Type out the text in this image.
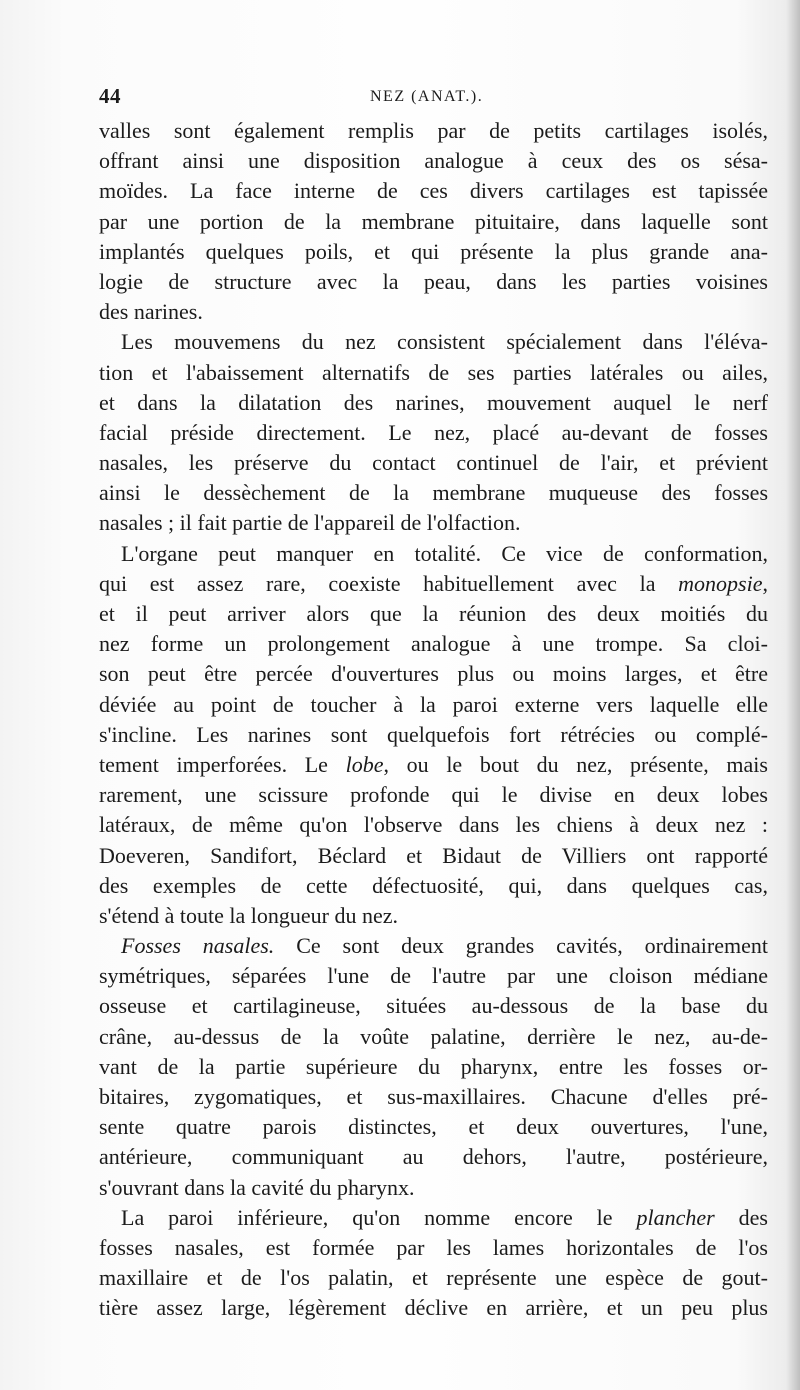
44	NEZ (ANAT.).
valles sont également remplis par de petits cartilages isolés,
offrant ainsi une disposition analogue à ceux des os sésa-
moïdes. La face interne de ces divers cartilages est tapissée
par une portion de la membrane pituitaire, dans laquelle sont
implantés quelques poils, et qui présente la plus grande ana-
logie de structure avec la peau, dans les parties voisines
des narines.
Les mouvemens du nez consistent spécialement dans l'éléva-
tion et l'abaissement alternatifs de ses parties latérales ou ailes,
et dans la dilatation des narines, mouvement auquel le nerf
facial préside directement. Le nez, placé au-devant de fosses
nasales, les préserve du contact continuel de l'air, et prévient
ainsi le dessèchement de la membrane muqueuse des fosses
nasales ; il fait partie de l'appareil de l'olfaction.
L'organe peut manquer en totalité. Ce vice de conformation,
qui est assez rare, coexiste habituellement avec la monopsie,
et il peut arriver alors que la réunion des deux moitiés du
nez forme un prolongement analogue à une trompe. Sa cloi-
son peut être percée d'ouvertures plus ou moins larges, et être
déviée au point de toucher à la paroi externe vers laquelle elle
s'incline. Les narines sont quelquefois fort rétrécies ou complé-
tement imperforées. Le lobe, ou le bout du nez, présente, mais
rarement, une scissure profonde qui le divise en deux lobes
latéraux, de même qu'on l'observe dans les chiens à deux nez :
Doeveren, Sandifort, Béclard et Bidaut de Villiers ont rapporté
des exemples de cette défectuosité, qui, dans quelques cas,
s'étend à toute la longueur du nez.
Fosses nasales. Ce sont deux grandes cavités, ordinairement
symétriques, séparées l'une de l'autre par une cloison médiane
osseuse et cartilagineuse, situées au-dessous de la base du
crâne, au-dessus de la voûte palatine, derrière le nez, au-de-
vant de la partie supérieure du pharynx, entre les fosses or-
bitaires, zygomatiques, et sus-maxillaires. Chacune d'elles pré-
sente quatre parois distinctes, et deux ouvertures, l'une,
antérieure, communiquant au dehors, l'autre, postérieure,
s'ouvrant dans la cavité du pharynx.
La paroi inférieure, qu'on nomme encore le plancher des
fosses nasales, est formée par les lames horizontales de l'os
maxillaire et de l'os palatin, et représente une espèce de gout-
tière assez large, légèrement déclive en arrière, et un peu plus
